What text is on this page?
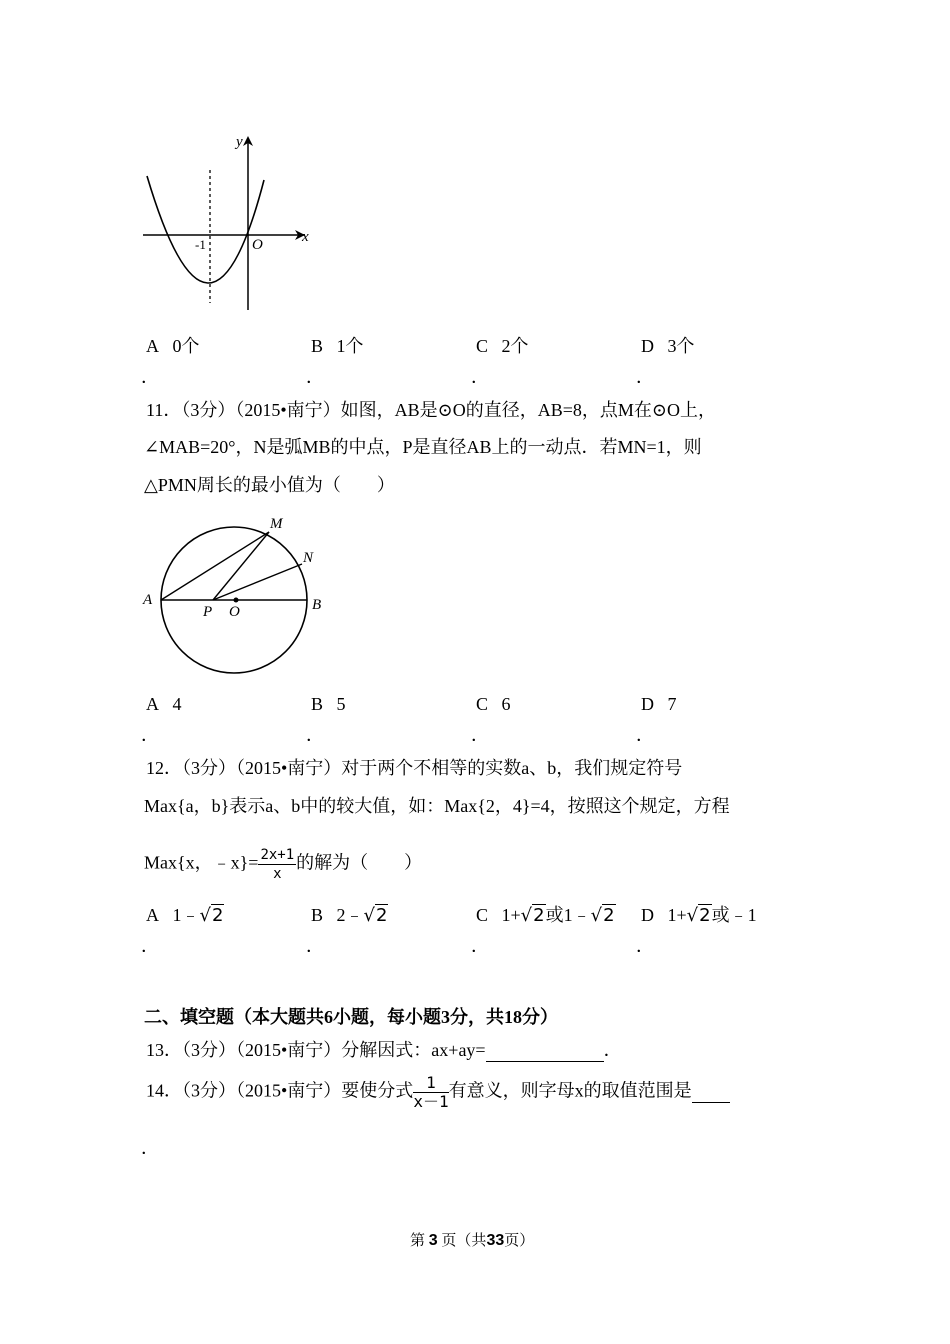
y
x
O
-1
A 0个	B 1个	C 2个	D 3个
．	．	．	．
11．（3分）（2015•南宁）如图，AB是⊙O的直径，AB=8，点M在⊙O上，
∠MAB=20°，N是弧MB的中点，P是直径AB上的一动点．若MN=1，则
△PMN周长的最小值为（　　）
M
N
A	B
P O
A 4	B 5	C 6	D 7
．	．	．	．
12．（3分）（2015•南宁）对于两个不相等的实数a、b，我们规定符号
Max{a，b}表示a、b中的较大值，如：Max{2，4}=4，按照这个规定，方程
Max{x，﹣x}= $\frac{2x+1}{x}$ 的解为（　　）
A 1﹣√2	B 2﹣√2	C 1+√2或1﹣√2 D 1+√2或﹣1
．	．	．	．
二、填空题（本大题共6小题，每小题3分，共18分）
13．（3分）（2015•南宁）分解因式：ax+ay=	．
14．（3分）（2015•南宁）要使分式 $\frac{1}{x-1}$ 有意义，则字母x的取值范围是
．
第 3 页（共33页）
